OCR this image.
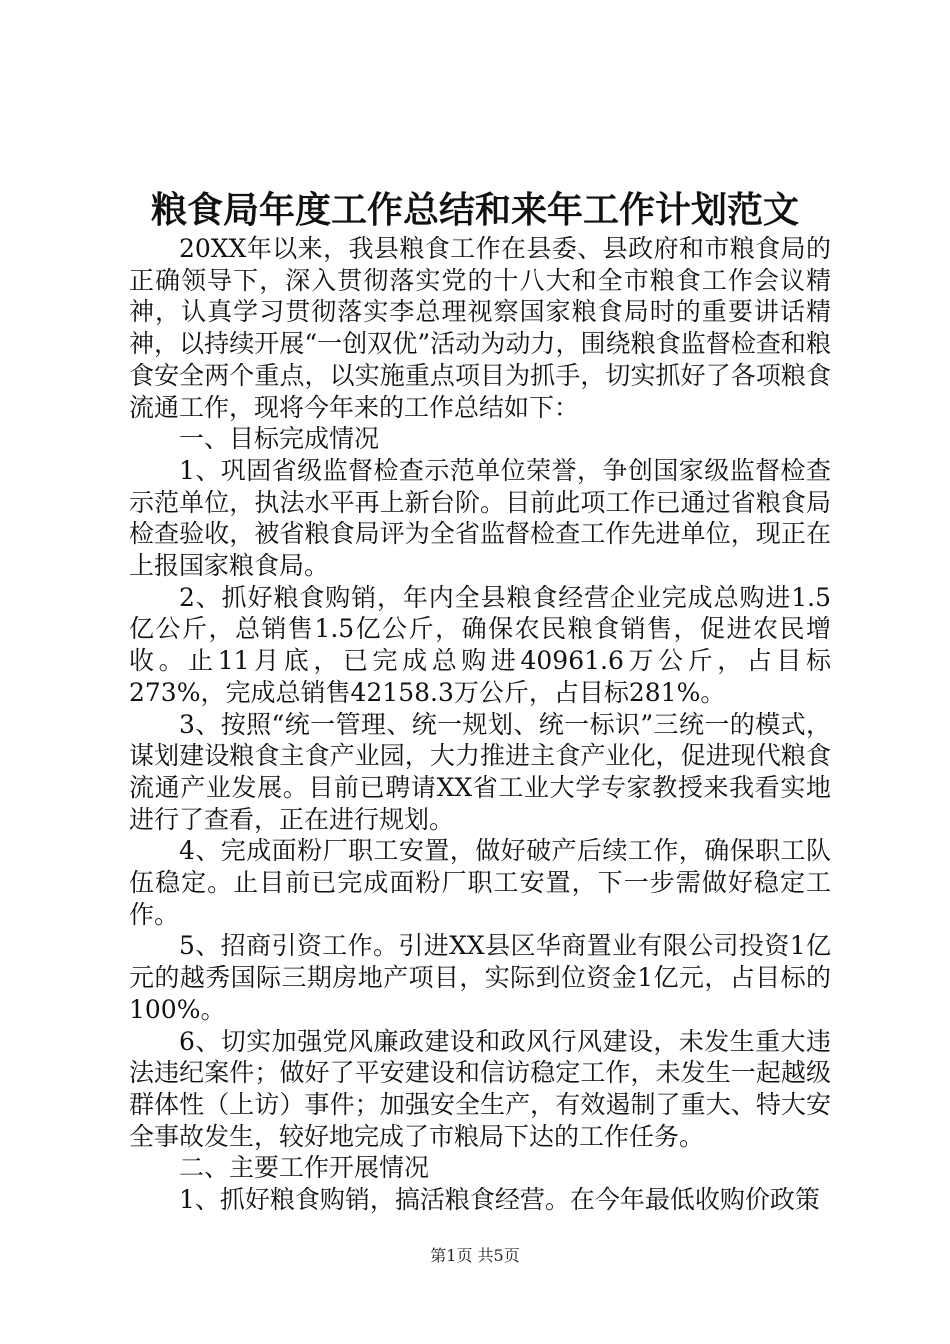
粮食局年度工作总结和来年工作计划范文

20XX年以来，我县粮食工作在县委、县政府和市粮食局的正确领导下，深入贯彻落实党的十八大和全市粮食工作会议精神，认真学习贯彻落实李总理视察国家粮食局时的重要讲话精神，以持续开展“一创双优”活动为动力，围绕粮食监督检查和粮食安全两个重点，以实施重点项目为抓手，切实抓好了各项粮食流通工作，现将今年来的工作总结如下：

一、目标完成情况

1、巩固省级监督检查示范单位荣誉，争创国家级监督检查示范单位，执法水平再上新台阶。目前此项工作已通过省粮食局检查验收，被省粮食局评为全省监督检查工作先进单位，现正在上报国家粮食局。

2、抓好粮食购销，年内全县粮食经营企业完成总购进1.5亿公斤，总销售1.5亿公斤，确保农民粮食销售，促进农民增收。止11月底，已完成总购进40961.6万公斤，占目标273%，完成总销售42158.3万公斤，占目标281%。

3、按照“统一管理、统一规划、统一标识”三统一的模式，谋划建设粮食主食产业园，大力推进主食产业化，促进现代粮食流通产业发展。目前已聘请XX省工业大学专家教授来我看实地进行了查看，正在进行规划。

4、完成面粉厂职工安置，做好破产后续工作，确保职工队伍稳定。止目前已完成面粉厂职工安置，下一步需做好稳定工作。

5、招商引资工作。引进XX县区华商置业有限公司投资1亿元的越秀国际三期房地产项目，实际到位资金1亿元，占目标的100%。

6、切实加强党风廉政建设和政风行风建设，未发生重大违法违纪案件；做好了平安建设和信访稳定工作，未发生一起越级群体性（上访）事件；加强安全生产，有效遏制了重大、特大安全事故发生，较好地完成了市粮局下达的工作任务。

二、主要工作开展情况

1、抓好粮食购销，搞活粮食经营。在今年最低收购价政策

第1页 共5页
